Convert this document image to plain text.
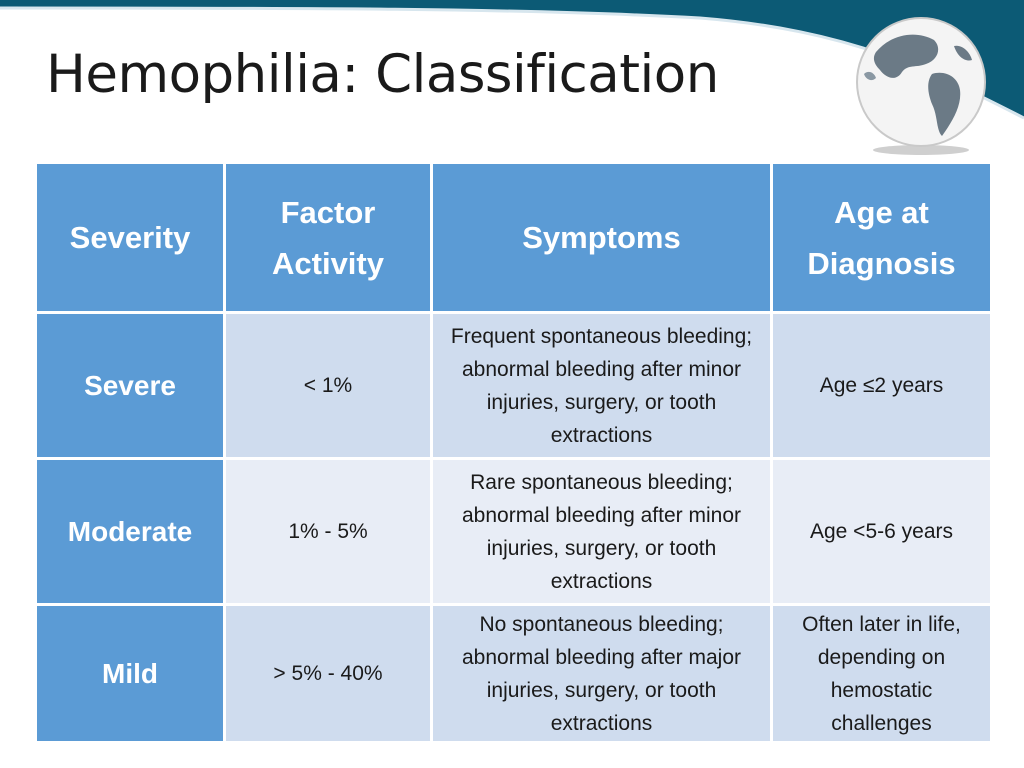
Hemophilia: Classification
Severity	Factor Activity	Symptoms	Age at Diagnosis
Severe	< 1%	Frequent spontaneous bleeding; abnormal bleeding after minor injuries, surgery, or tooth extractions	Age ≤2 years
Moderate	1% - 5%	Rare spontaneous bleeding; abnormal bleeding after minor injuries, surgery, or tooth extractions	Age <5-6 years
Mild	> 5% - 40%	No spontaneous bleeding; abnormal bleeding after major injuries, surgery, or tooth extractions	Often later in life, depending on hemostatic challenges
